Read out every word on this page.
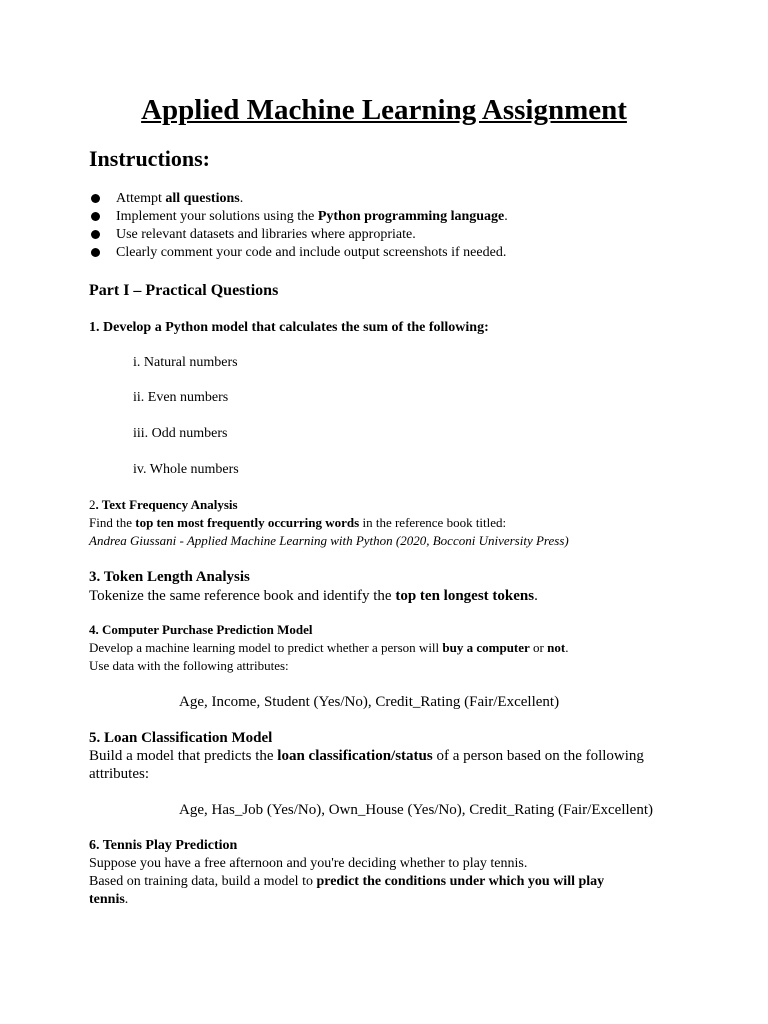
Applied Machine Learning Assignment
Instructions:
Attempt all questions.
Implement your solutions using the Python programming language.
Use relevant datasets and libraries where appropriate.
Clearly comment your code and include output screenshots if needed.
Part I – Practical Questions
1. Develop a Python model that calculates the sum of the following:
i. Natural numbers
ii. Even numbers
iii. Odd numbers
iv. Whole numbers
2. Text Frequency Analysis
Find the top ten most frequently occurring words in the reference book titled:
Andrea Giussani - Applied Machine Learning with Python (2020, Bocconi University Press)
3. Token Length Analysis
Tokenize the same reference book and identify the top ten longest tokens.
4. Computer Purchase Prediction Model
Develop a machine learning model to predict whether a person will buy a computer or not.
Use data with the following attributes:
Age, Income, Student (Yes/No), Credit_Rating (Fair/Excellent)
5. Loan Classification Model
Build a model that predicts the loan classification/status of a person based on the following
attributes:
Age, Has_Job (Yes/No), Own_House (Yes/No), Credit_Rating (Fair/Excellent)
6. Tennis Play Prediction
Suppose you have a free afternoon and you're deciding whether to play tennis.
Based on training data, build a model to predict the conditions under which you will play
tennis.
